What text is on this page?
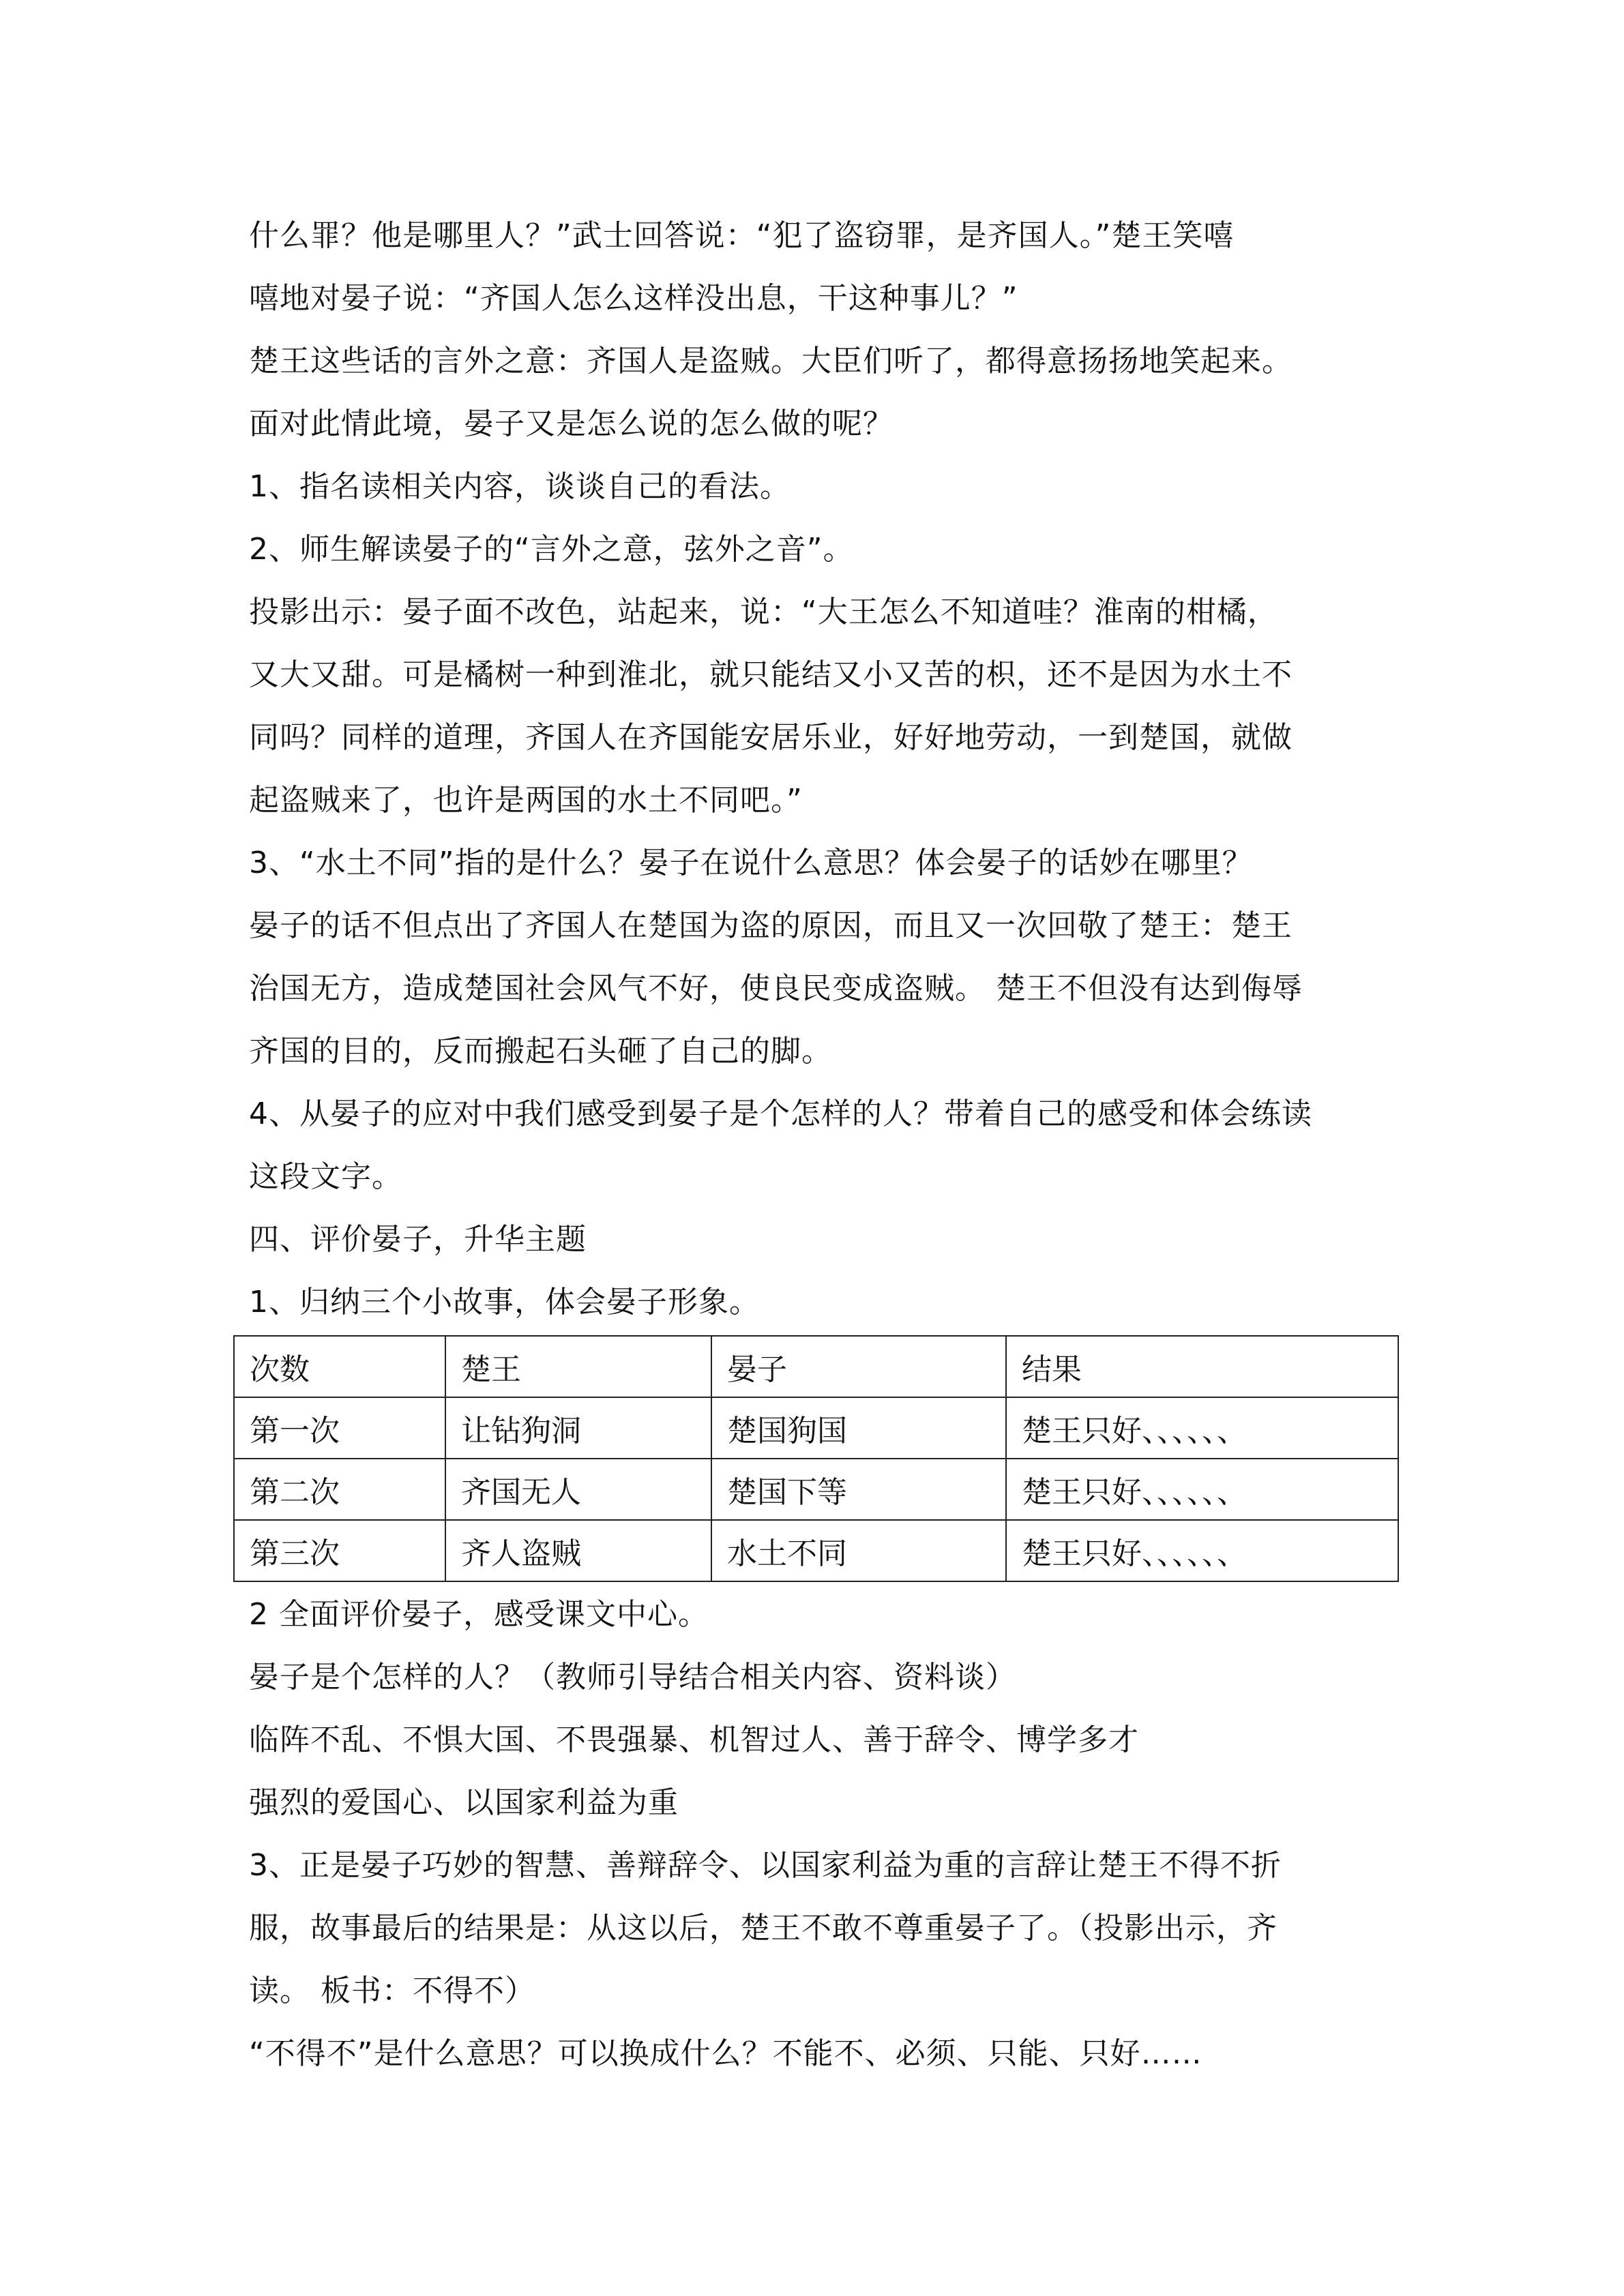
什么罪？他是哪里人？”武士回答说：“犯了盗窃罪，是齐国人。”楚王笑嘻
嘻地对晏子说：“齐国人怎么这样没出息，干这种事儿？”
楚王这些话的言外之意：齐国人是盗贼。大臣们听了，都得意扬扬地笑起来。
面对此情此境，晏子又是怎么说的怎么做的呢？
1、指名读相关内容，谈谈自己的看法。
2、师生解读晏子的“言外之意，弦外之音”。
投影出示：晏子面不改色，站起来，说：“大王怎么不知道哇？淮南的柑橘，
又大又甜。可是橘树一种到淮北，就只能结又小又苦的枳，还不是因为水土不
同吗？同样的道理，齐国人在齐国能安居乐业，好好地劳动，一到楚国，就做
起盗贼来了，也许是两国的水土不同吧。”
3、“水土不同”指的是什么？晏子在说什么意思？体会晏子的话妙在哪里？
晏子的话不但点出了齐国人在楚国为盗的原因，而且又一次回敬了楚王：楚王
治国无方，造成楚国社会风气不好，使良民变成盗贼。 楚王不但没有达到侮辱
齐国的目的，反而搬起石头砸了自己的脚。
4、从晏子的应对中我们感受到晏子是个怎样的人？带着自己的感受和体会练读
这段文字。
四、评价晏子，升华主题
1、归纳三个小故事，体会晏子形象。
次数	楚王	晏子	结果
第一次	让钻狗洞	楚国狗国	楚王只好、、、、、、
第二次	齐国无人	楚国下等	楚王只好、、、、、、
第三次	齐人盗贼	水土不同	楚王只好、、、、、、
2 全面评价晏子，感受课文中心。
晏子是个怎样的人？（教师引导结合相关内容、资料谈）
临阵不乱、不惧大国、不畏强暴、机智过人、善于辞令、博学多才
强烈的爱国心、以国家利益为重
3、正是晏子巧妙的智慧、善辩辞令、以国家利益为重的言辞让楚王不得不折
服，故事最后的结果是：从这以后，楚王不敢不尊重晏子了。（投影出示，齐
读。 板书：不得不）
“不得不”是什么意思？可以换成什么？不能不、必须、只能、只好……
